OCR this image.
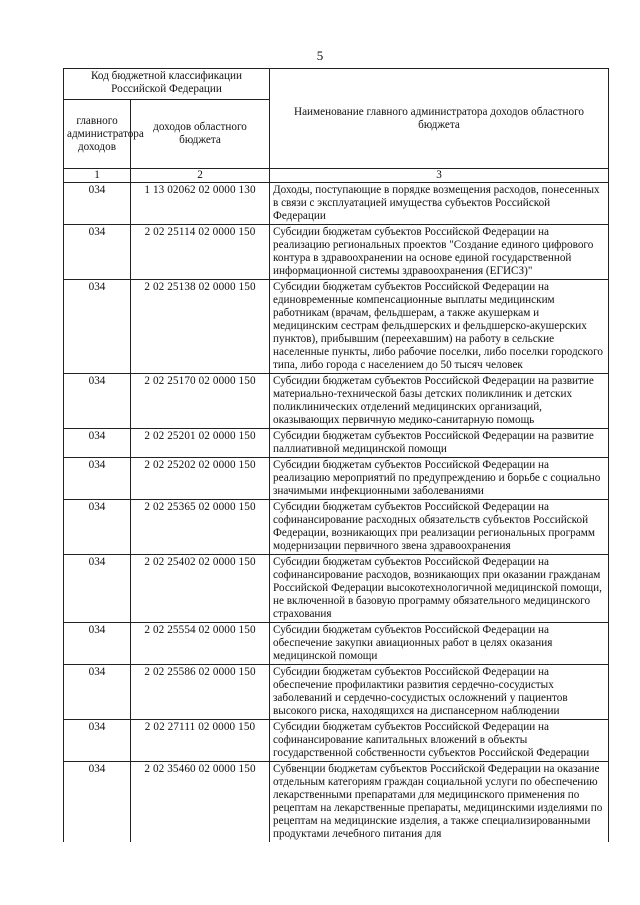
5
Код бюджетной классификации Российской Федерации		Наименование главного администратора доходов областного бюджета
главного администратора доходов	доходов областного бюджета	
1	2	3
034	1 13 02062 02 0000 130	Доходы, поступающие в порядке возмещения расходов, понесенных в связи с эксплуатацией имущества субъектов Российской Федерации
034	2 02 25114 02 0000 150	Субсидии бюджетам субъектов Российской Федерации на реализацию региональных проектов "Создание единого цифрового контура в здравоохранении на основе единой государственной информационной системы здравоохранения (ЕГИСЗ)"
034	2 02 25138 02 0000 150	Субсидии бюджетам субъектов Российской Федерации на единовременные компенсационные выплаты медицинским работникам (врачам, фельдшерам, а также акушеркам и медицинским сестрам фельдшерских и фельдшерско-акушерских пунктов), прибывшим (переехавшим) на работу в сельские населенные пункты, либо рабочие поселки, либо поселки городского типа, либо города с населением до 50 тысяч человек
034	2 02 25170 02 0000 150	Субсидии бюджетам субъектов Российской Федерации на развитие материально-технической базы детских поликлиник и детских поликлинических отделений медицинских организаций, оказывающих первичную медико-санитарную помощь
034	2 02 25201 02 0000 150	Субсидии бюджетам субъектов Российской Федерации на развитие паллиативной медицинской помощи
034	2 02 25202 02 0000 150	Субсидии бюджетам субъектов Российской Федерации на реализацию мероприятий по предупреждению и борьбе с социально значимыми инфекционными заболеваниями
034	2 02 25365 02 0000 150	Субсидии бюджетам субъектов Российской Федерации на софинансирование расходных обязательств субъектов Российской Федерации, возникающих при реализации региональных программ модернизации первичного звена здравоохранения
034	2 02 25402 02 0000 150	Субсидии бюджетам субъектов Российской Федерации на софинансирование расходов, возникающих при оказании гражданам Российской Федерации высокотехнологичной медицинской помощи, не включенной в базовую программу обязательного медицинского страхования
034	2 02 25554 02 0000 150	Субсидии бюджетам субъектов Российской Федерации на обеспечение закупки авиационных работ в целях оказания медицинской помощи
034	2 02 25586 02 0000 150	Субсидии бюджетам субъектов Российской Федерации на обеспечение профилактики развития сердечно-сосудистых заболеваний и сердечно-сосудистых осложнений у пациентов высокого риска, находящихся на диспансерном наблюдении
034	2 02 27111 02 0000 150	Субсидии бюджетам субъектов Российской Федерации на софинансирование капитальных вложений в объекты государственной собственности субъектов Российской Федерации
034	2 02 35460 02 0000 150	Субвенции бюджетам субъектов Российской Федерации на оказание отдельным категориям граждан социальной услуги по обеспечению лекарственными препаратами для медицинского применения по рецептам на лекарственные препараты, медицинскими изделиями по рецептам на медицинские изделия, а также специализированными продуктами лечебного питания для
